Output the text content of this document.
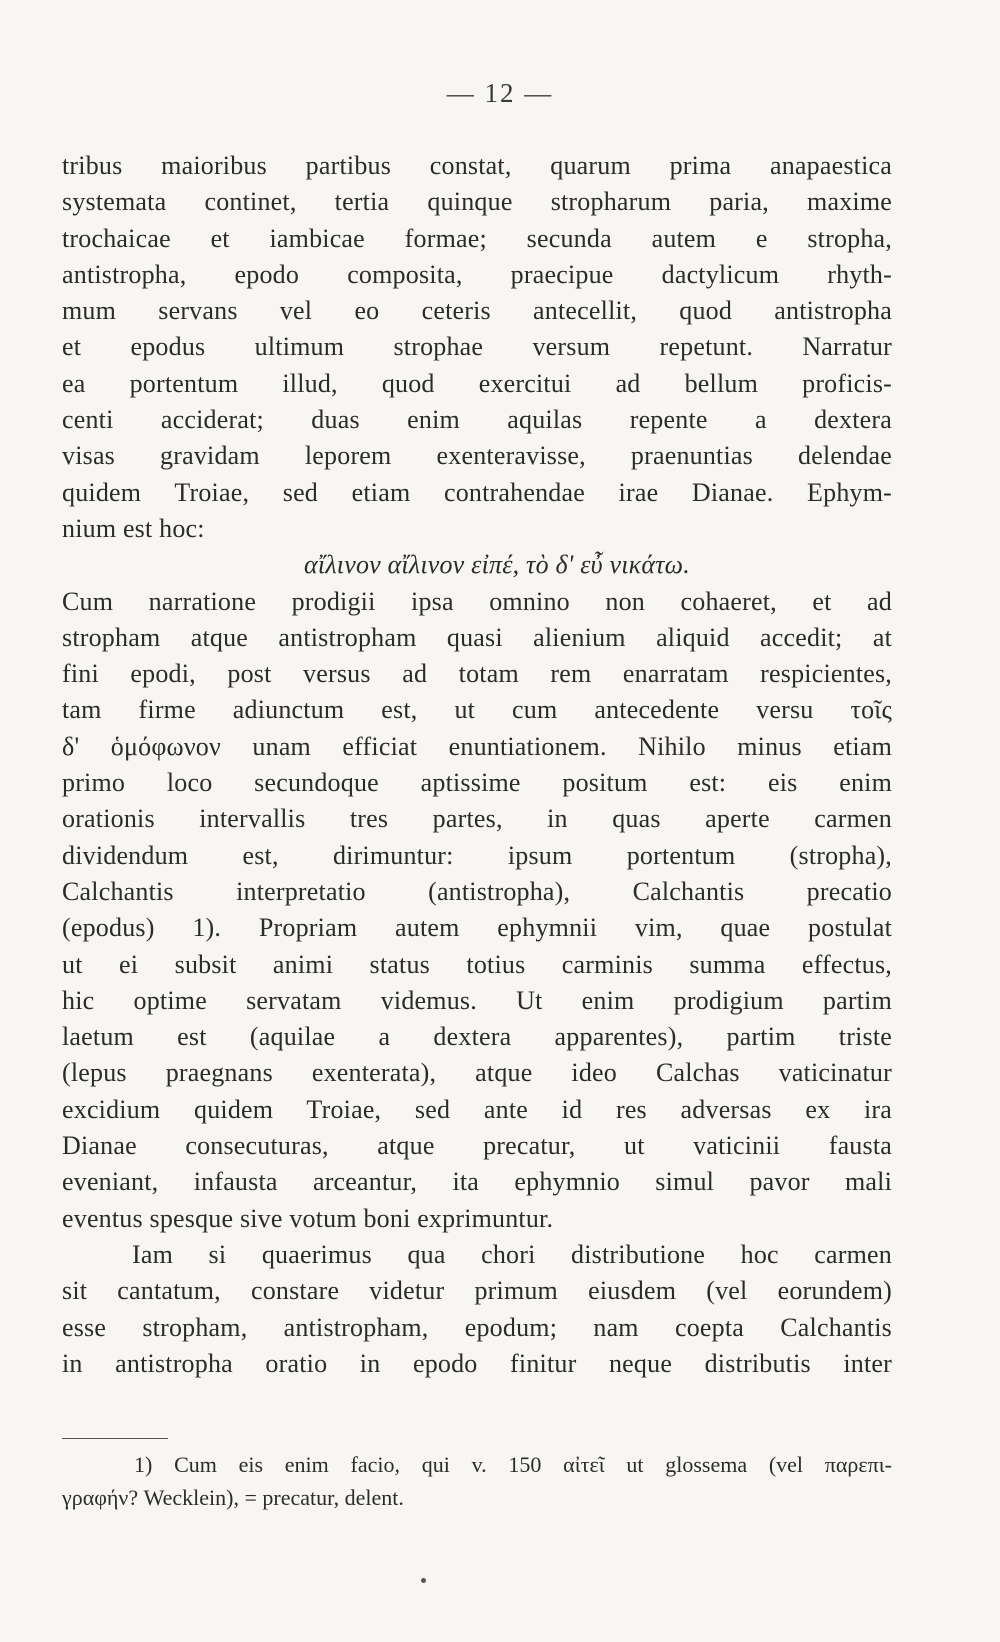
— 12 —
tribus maioribus partibus constat, quarum prima anapaestica
systemata continet, tertia quinque stropharum paria, maxime
trochaicae et iambicae formae; secunda autem e stropha,
antistropha, epodo composita, praecipue dactylicum rhyth-
mum servans vel eo ceteris antecellit, quod antistropha
et epodus ultimum strophae versum repetunt. Narratur
ea portentum illud, quod exercitui ad bellum proficis-
centi acciderat; duas enim aquilas repente a dextera
visas gravidam leporem exenteravisse, praenuntias delendae
quidem Troiae, sed etiam contrahendae irae Dianae. Ephym-
nium est hoc:
αἴλινον αἴλινον εἰπέ, τὸ δ' εὖ νικάτω.
Cum narratione prodigii ipsa omnino non cohaeret, et ad
stropham atque antistropham quasi alienium aliquid accedit; at
fini epodi, post versus ad totam rem enarratam respicientes,
tam firme adiunctum est, ut cum antecedente versu τοῖς
δ' ὁμόφωνον unam efficiat enuntiationem. Nihilo minus etiam
primo loco secundoque aptissime positum est: eis enim
orationis intervallis tres partes, in quas aperte carmen
dividendum est, dirimuntur: ipsum portentum (stropha),
Calchantis interpretatio (antistropha), Calchantis precatio
(epodus) 1). Propriam autem ephymnii vim, quae postulat
ut ei subsit animi status totius carminis summa effectus,
hic optime servatam videmus. Ut enim prodigium partim
laetum est (aquilae a dextera apparentes), partim triste
(lepus praegnans exenterata), atque ideo Calchas vaticinatur
excidium quidem Troiae, sed ante id res adversas ex ira
Dianae consecuturas, atque precatur, ut vaticinii fausta
eveniant, infausta arceantur, ita ephymnio simul pavor mali
eventus spesque sive votum boni exprimuntur.
Iam si quaerimus qua chori distributione hoc carmen
sit cantatum, constare videtur primum eiusdem (vel eorundem)
esse stropham, antistropham, epodum; nam coepta Calchantis
in antistropha oratio in epodo finitur neque distributis inter
1) Cum eis enim facio, qui v. 150 αἰτεῖ ut glossema (vel παρεπι-
γραφήν? Wecklein), = precatur, delent.
